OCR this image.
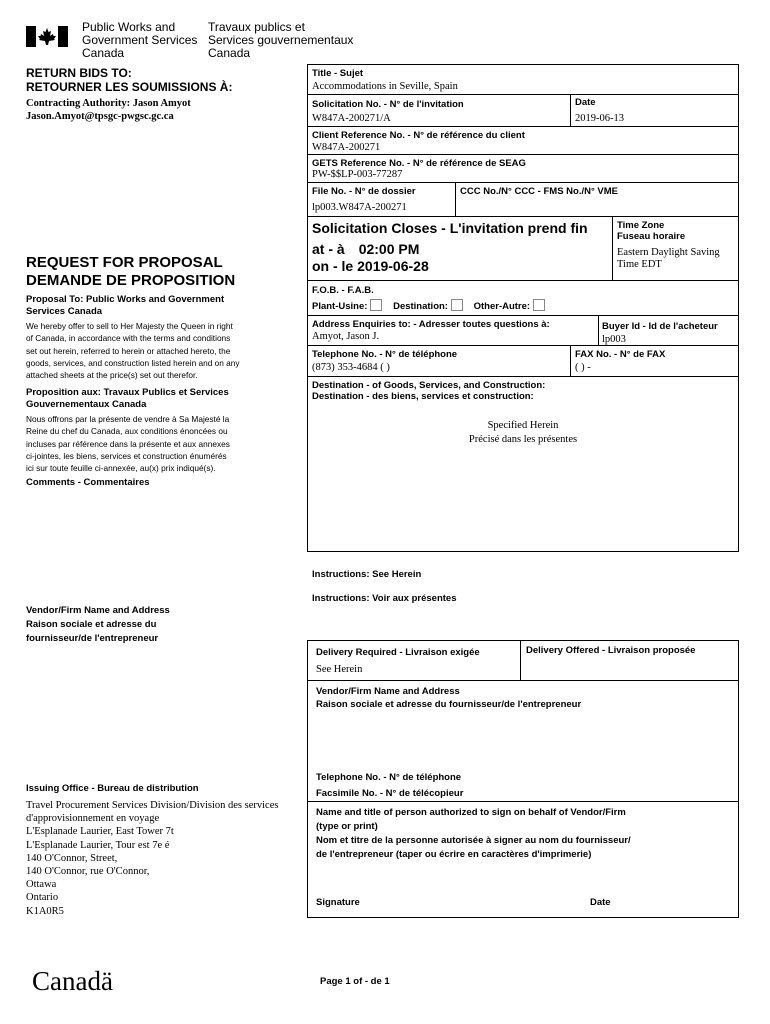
Public Works and
Government Services
Canada
Travaux publics et
Services gouvernementaux
Canada
RETURN BIDS TO:
RETOURNER LES SOUMISSIONS À:
Contracting Authority: Jason Amyot
Jason.Amyot@tpsgc-pwgsc.gc.ca
REQUEST FOR PROPOSAL
DEMANDE DE PROPOSITION
Proposal To: Public Works and Government
Services Canada
We hereby offer to sell to Her Majesty the Queen in right
of Canada, in accordance with the terms and conditions
set out herein, referred to herein or attached hereto, the
goods, services, and construction listed herein and on any
attached sheets at the price(s) set out therefor.
Proposition aux: Travaux Publics et Services
Gouvernementaux Canada
Nous offrons par la présente de vendre à Sa Majesté la
Reine du chef du Canada, aux conditions énoncées ou
incluses par référence dans la présente et aux annexes
ci-jointes, les biens, services et construction énumérés
ici sur toute feuille ci-annexée, au(x) prix indiqué(s).
Comments - Commentaires
Vendor/Firm Name and Address
Raison sociale et adresse du
fournisseur/de l'entrepreneur
Issuing Office - Bureau de distribution
Travel Procurement Services Division/Division des services
d'approvisionnement en voyage
L'Esplanade Laurier, East Tower 7t
L'Esplanade Laurier, Tour est 7e é
140 O'Connor, Street,
140 O'Connor, rue O'Connor,
Ottawa
Ontario
K1A0R5
Canadä
Title - Sujet
Accommodations in Seville, Spain
Solicitation No. - N° de l'invitation
W847A-200271/A
Date
2019-06-13
Client Reference No. - N° de référence du client
W847A-200271
GETS Reference No. - N° de référence de SEAG
PW-$$LP-003-77287
File No. - N° de dossier
lp003.W847A-200271
CCC No./N° CCC - FMS No./N° VME
Solicitation Closes - L'invitation prend fin
at - à 02:00 PM
on - le 2019-06-28
Time Zone
Fuseau horaire
Eastern Daylight Saving
Time EDT
F.O.B. - F.A.B.
Plant-Usine:	Destination:	Other-Autre:
Address Enquiries to: - Adresser toutes questions à:
Amyot, Jason J.
Buyer Id - Id de l'acheteur
lp003
Telephone No. - N° de téléphone
(873) 353-4684 ( )
FAX No. - N° de FAX
( ) -
Destination - of Goods, Services, and Construction:
Destination - des biens, services et construction:
Specified Herein
Précisé dans les présentes
Instructions: See Herein
Instructions: Voir aux présentes
Delivery Required - Livraison exigée
See Herein
Delivery Offered - Livraison proposée
Vendor/Firm Name and Address
Raison sociale et adresse du fournisseur/de l'entrepreneur
Telephone No. - N° de téléphone
Facsimile No. - N° de télécopieur
Name and title of person authorized to sign on behalf of Vendor/Firm
(type or print)
Nom et titre de la personne autorisée à signer au nom du fournisseur/
de l'entrepreneur (taper ou écrire en caractères d'imprimerie)
Signature	Date
Page 1 of - de 1
